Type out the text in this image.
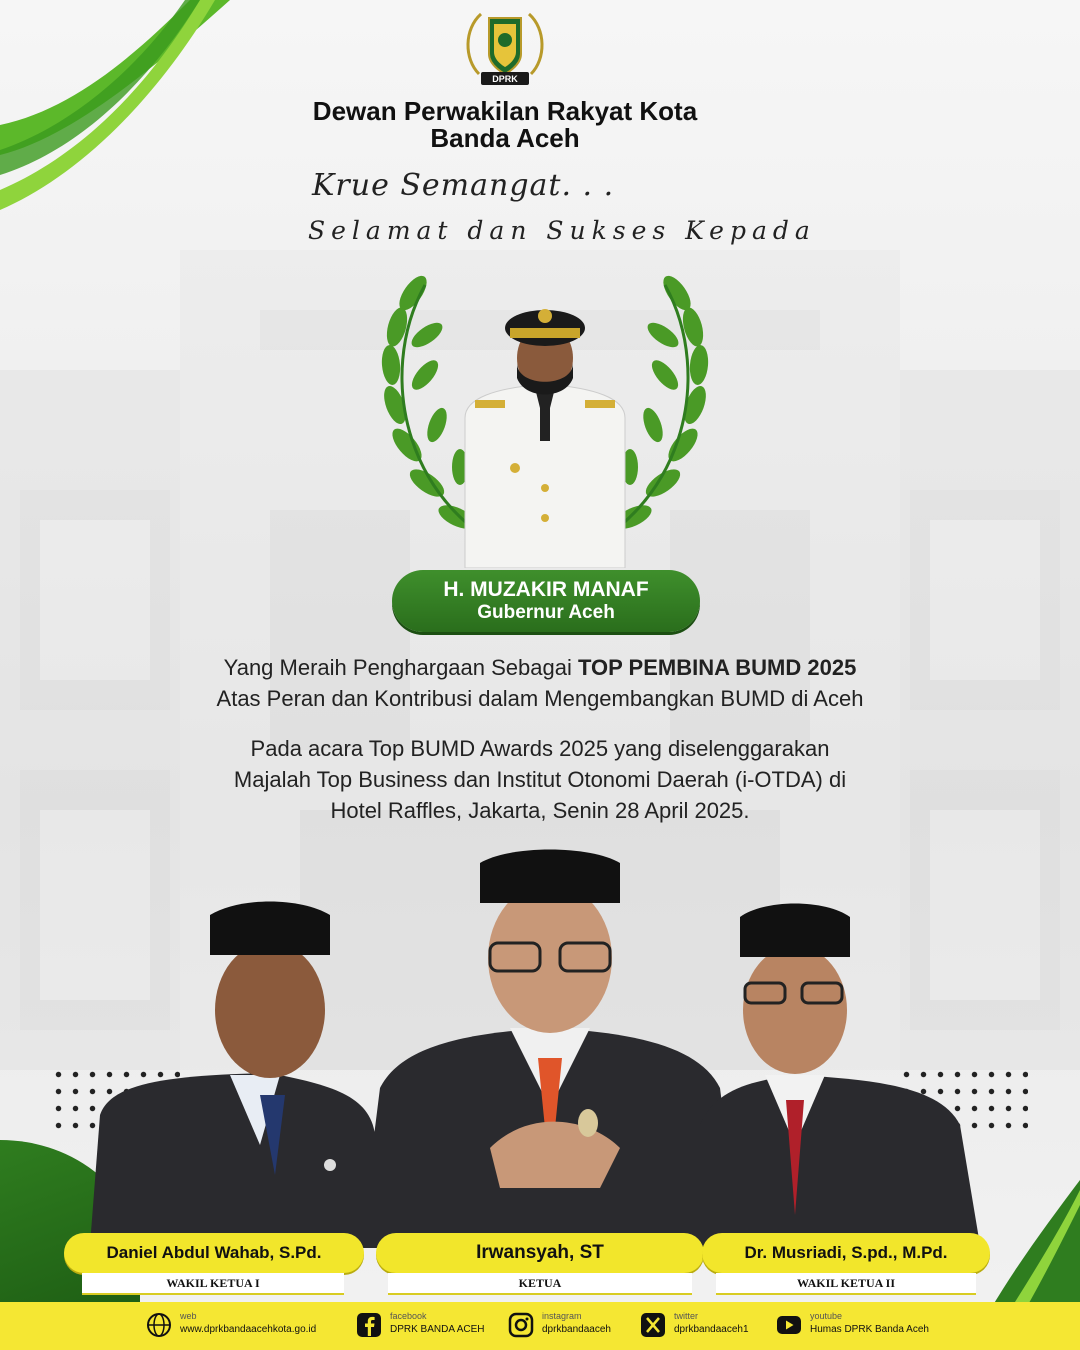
DPRK
Dewan Perwakilan Rakyat Kota
Banda Aceh
Krue Semangat. . .
Selamat dan Sukses Kepada
H. MUZAKIR MANAF
Gubernur Aceh
Yang Meraih Penghargaan Sebagai TOP PEMBINA BUMD 2025
Atas Peran dan Kontribusi dalam Mengembangkan BUMD di Aceh
Pada acara Top BUMD Awards 2025 yang diselenggarakan
Majalah Top Business dan Institut Otonomi Daerah (i-OTDA) di
Hotel Raffles, Jakarta, Senin 28 April 2025.
Daniel Abdul Wahab, S.Pd.
WAKIL KETUA I
Irwansyah, ST
KETUA
Dr. Musriadi, S.pd., M.Pd.
WAKIL KETUA II
web
www.dprkbandaacehkota.go.id
facebook
DPRK BANDA ACEH
instagram
dprkbandaaceh
twitter
dprkbandaaceh1
youtube
Humas DPRK Banda Aceh
